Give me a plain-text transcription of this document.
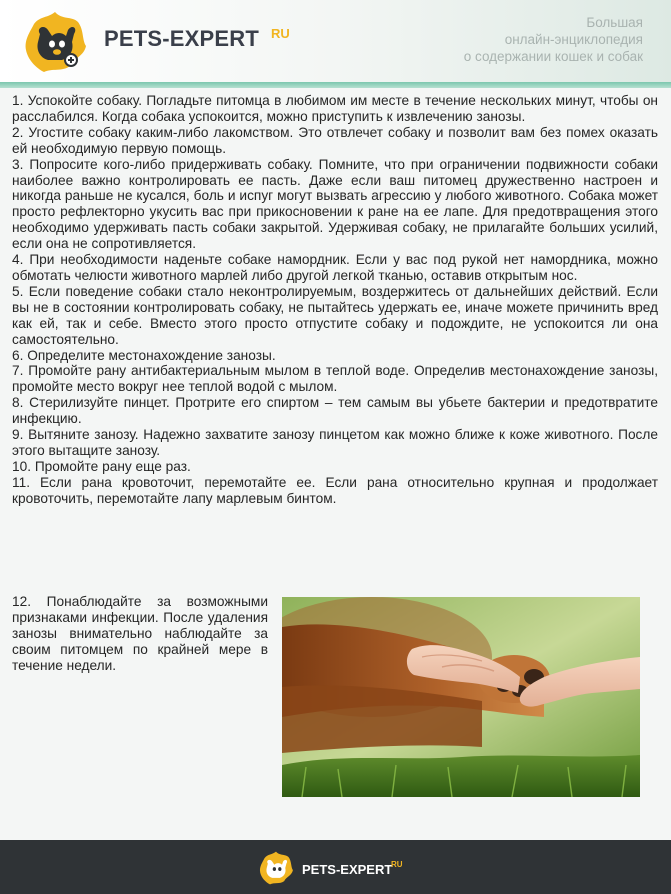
PETS-EXPERT RU
Большая
онлайн-энциклопедия
о содержании кошек и собак

1. Успокойте собаку. Погладьте питомца в любимом им месте в течение нескольких минут, чтобы он расслабился. Когда собака успокоится, можно приступить к извлечению занозы.

2. Угостите собаку каким-либо лакомством. Это отвлечет собаку и позволит вам без помех оказать ей необходимую первую помощь.

3. Попросите кого-либо придерживать собаку. Помните, что при ограничении подвижности собаки наиболее важно контролировать ее пасть. Даже если ваш питомец дружественно настроен и никогда раньше не кусался, боль и испуг могут вызвать агрессию у любого животного. Собака может просто рефлекторно укусить вас при прикосновении к ране на ее лапе. Для предотвращения этого необходимо удерживать пасть собаки закрытой. Удерживая собаку, не прилагайте больших усилий, если она не сопротивляется.

4. При необходимости наденьте собаке намордник. Если у вас под рукой нет намордника, можно обмотать челюсти животного марлей либо другой легкой тканью, оставив открытым нос.

5. Если поведение собаки стало неконтролируемым, воздержитесь от дальнейших действий. Если вы не в состоянии контролировать собаку, не пытайтесь удержать ее, иначе можете причинить вред как ей, так и себе. Вместо этого просто отпустите собаку и подождите, не успокоится ли она самостоятельно.

6. Определите местонахождение занозы.

7. Промойте рану антибактериальным мылом в теплой воде. Определив местонахождение занозы, промойте место вокруг нее теплой водой с мылом.

8. Стерилизуйте пинцет. Протрите его спиртом – тем самым вы убьете бактерии и предотвратите инфекцию.

9. Вытяните занозу. Надежно захватите занозу пинцетом как можно ближе к коже животного. После этого вытащите занозу.

10. Промойте рану еще раз.

11. Если рана кровоточит, перемотайте ее. Если рана относительно крупная и продолжает кровоточить, перемотайте лапу марлевым бинтом.

12. Понаблюдайте за возможными признаками инфекции. После удаления занозы внимательно наблюдайте за своим питомцем по крайней мере в течение недели.

PETS-EXPERT
RU
